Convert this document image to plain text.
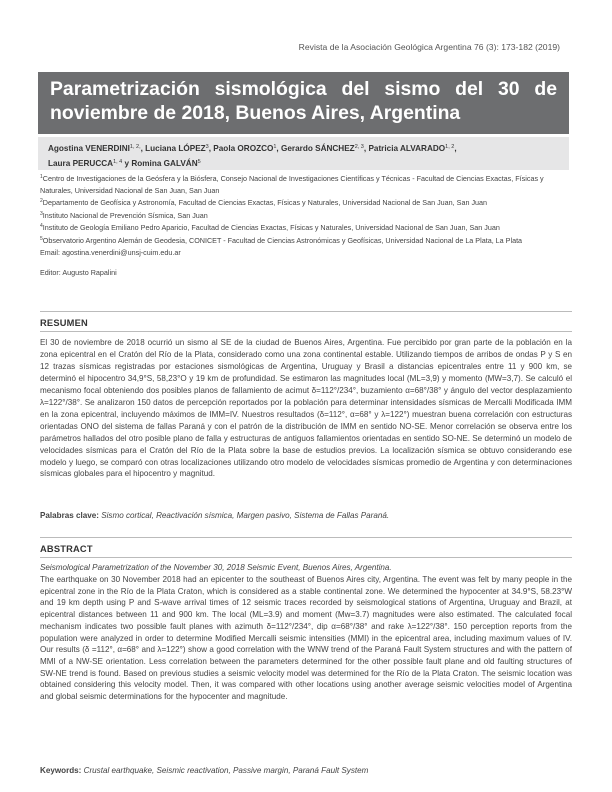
Revista de la Asociación Geológica Argentina 76 (3): 173-182 (2019)
Parametrización sismológica del sismo del 30 de noviembre de 2018, Buenos Aires, Argentina
Agostina $VENERDINI^{1, 2,}$, Luciana LÓPEZ$^3$, Paola OROZCO$^1$, Gerardo SÁNCHEZ$^{2, 3}$, Patricia ALVARADO$^{1, 2}$,
Laura PERUCCA$^{1, 4}$ y Romina GALVÁN$^5$

$^1$Centro de Investigaciones de la Geósfera y la Biósfera, Consejo Nacional de Investigaciones Científicas y Técnicas - Facultad de Ciencias Exactas, Físicas y Naturales, Universidad Nacional de San Juan, San Juan

$^2$Departamento de Geofísica y Astronomía, Facultad de Ciencias Exactas, Físicas y Naturales, Universidad Nacional de San Juan, San Juan

$^3$Instituto Nacional de Prevención Sísmica, San Juan

$^4$Instituto de Geología Emiliano Pedro Aparicio, Facultad de Ciencias Exactas, Físicas y Naturales, Universidad Nacional de San Juan, San Juan

$^5$Observatorio Argentino Alemán de Geodesia, CONICET - Facultad de Ciencias Astronómicas y Geofísicas, Universidad Nacional de La Plata, La Plata

Email: agostina.venerdini@unsj-cuim.edu.ar

Editor: Augusto Rapalini

RESUMEN

El 30 de noviembre de 2018 ocurrió un sismo al SE de la ciudad de Buenos Aires, Argentina. Fue percibido por gran parte de la población en la zona epicentral en el Cratón del Río de la Plata, considerado como una zona continental estable. Utilizando tiempos de arribos de ondas P y S en 12 trazas sísmicas registradas por estaciones sismológicas de Argentina, Uruguay y Brasil a distancias epicentrales entre 11 y 900 km, se determinó el hipocentro 34,9°S, 58,23°O y 19 km de profundidad. Se estimaron las magnitudes local (ML=3,9) y momento (MW=3,7). Se calculó el mecanismo focal obteniendo dos posibles planos de fallamiento de acimut δ=112°/234°, buzamiento α=68°/38° y ángulo del vector desplazamiento λ=122°/38°. Se analizaron 150 datos de percepción reportados por la población para determinar intensidades sísmicas de Mercalli Modificada IMM en la zona epicentral, incluyendo máximos de IMM=IV. Nuestros resultados (δ=112°, α=68° y λ=122°) muestran buena correlación con estructuras orientadas ONO del sistema de fallas Paraná y con el patrón de la distribución de IMM en sentido NO-SE. Menor correlación se observa entre los parámetros hallados del otro posible plano de falla y estructuras de antiguos fallamientos orientadas en sentido SO-NE. Se determinó un modelo de velocidades sísmicas para el Cratón del Río de la Plata sobre la base de estudios previos. La localización sísmica se obtuvo considerando ese modelo y luego, se comparó con otras localizaciones utilizando otro modelo de velocidades sísmicas promedio de Argentina y con determinaciones sísmicas globales para el hipocentro y magnitud.

Palabras clave: Sismo cortical, Reactivación sísmica, Margen pasivo, Sistema de Fallas Paraná.
ABSTRACT

Seismological Parametrization of the November 30, 2018 Seismic Event, Buenos Aires, Argentina.

The earthquake on 30 November 2018 had an epicenter to the southeast of Buenos Aires city, Argentina. The event was felt by many people in the epicentral zone in the Río de la Plata Craton, which is considered as a stable continental zone. We determined the hypocenter at 34.9°S, 58.23°W and 19 km depth using P and S-wave arrival times of 12 seismic traces recorded by seismological stations of Argentina, Uruguay and Brazil, at epicentral distances between 11 and 900 km. The local (ML=3.9) and moment (Mw=3.7) magnitudes were also estimated. The calculated focal mechanism indicates two possible fault planes with azimuth δ=112°/234°, dip α=68°/38° and rake λ=122°/38°. 150 perception reports from the population were analyzed in order to determine Modified Mercalli seismic intensities (MMI) in the epicentral area, including maximum values of IV. Our results (δ =112°, α=68° and λ=122°) show a good correlation with the WNW trend of the Paraná Fault System structures and with the pattern of MMI of a NW-SE orientation. Less correlation between the parameters determined for the other possible fault plane and old faulting structures of SW-NE trend is found. Based on previous studies a seismic velocity model was determined for the Río de la Plata Craton. The seismic location was obtained considering this velocity model. Then, it was compared with other locations using another average seismic velocities model of Argentina and global seismic determinations for the hypocenter and magnitude.

Keywords: Crustal earthquake, Seismic reactivation, Passive margin, Paraná Fault System
